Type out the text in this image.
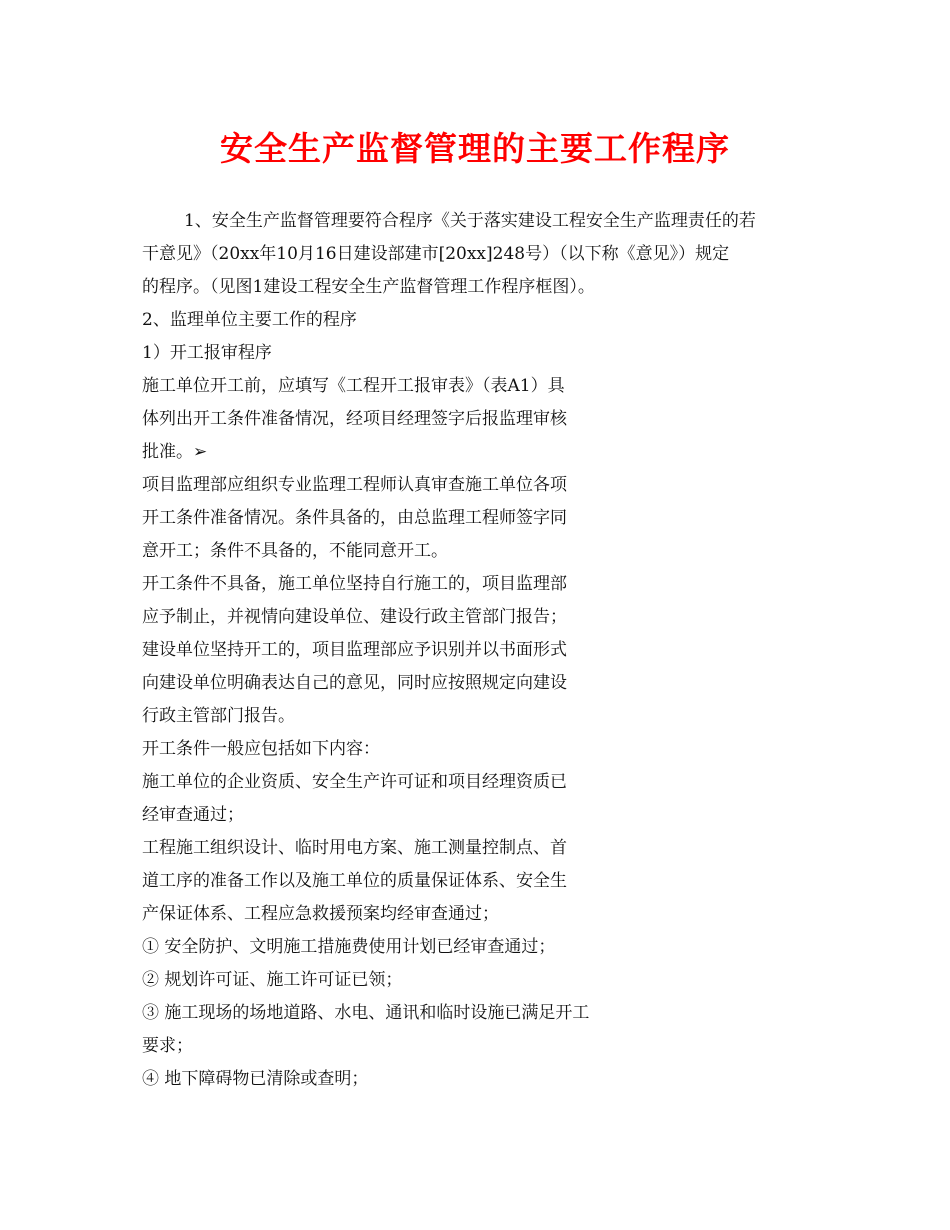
安全生产监督管理的主要工作程序
1、安全生产监督管理要符合程序《关于落实建设工程安全生产监理责任的若
干意见》（20xx年10月16日建设部建市[20xx]248号）（以下称《意见》）规定
的程序。（见图1建设工程安全生产监督管理工作程序框图）。
2、监理单位主要工作的程序
1）开工报审程序
施工单位开工前，应填写《工程开工报审表》（表A1）具
体列出开工条件准备情况，经项目经理签字后报监理审核
批准。➢
项目监理部应组织专业监理工程师认真审查施工单位各项
开工条件准备情况。条件具备的，由总监理工程师签字同
意开工；条件不具备的，不能同意开工。
开工条件不具备，施工单位坚持自行施工的，项目监理部
应予制止，并视情向建设单位、建设行政主管部门报告；
建设单位坚持开工的，项目监理部应予识别并以书面形式
向建设单位明确表达自己的意见，同时应按照规定向建设
行政主管部门报告。
开工条件一般应包括如下内容：
施工单位的企业资质、安全生产许可证和项目经理资质已
经审查通过；
工程施工组织设计、临时用电方案、施工测量控制点、首
道工序的准备工作以及施工单位的质量保证体系、安全生
产保证体系、工程应急救援预案均经审查通过；
① 安全防护、文明施工措施费使用计划已经审查通过；
② 规划许可证、施工许可证已领；
③ 施工现场的场地道路、水电、通讯和临时设施已满足开工
要求；
④ 地下障碍物已清除或查明；
